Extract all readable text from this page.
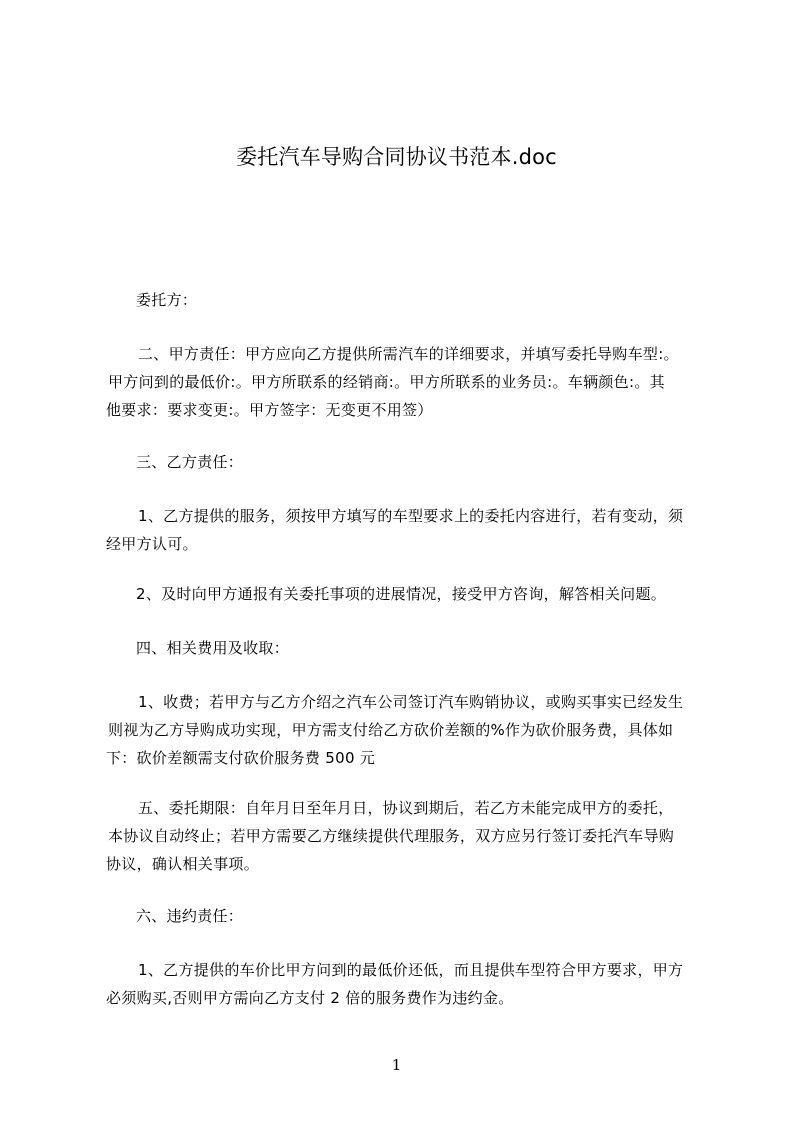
委托汽车导购合同协议书范本.doc
委托方：
二、甲方责任：甲方应向乙方提供所需汽车的详细要求，并填写委托导购车型:。
甲方问到的最低价:。甲方所联系的经销商:。甲方所联系的业务员:。车辆颜色:。其
他要求：要求变更:。甲方签字：无变更不用签）
三、乙方责任：
1、乙方提供的服务，须按甲方填写的车型要求上的委托内容进行，若有变动，须
经甲方认可。
2、及时向甲方通报有关委托事项的进展情况，接受甲方咨询，解答相关问题。
四、相关费用及收取：
1、收费；若甲方与乙方介绍之汽车公司签订汽车购销协议，或购买事实已经发生
则视为乙方导购成功实现，甲方需支付给乙方砍价差额的%作为砍价服务费，具体如
下：砍价差额需支付砍价服务费 500 元
五、委托期限：自年月日至年月日，协议到期后，若乙方未能完成甲方的委托，
本协议自动终止；若甲方需要乙方继续提供代理服务，双方应另行签订委托汽车导购
协议，确认相关事项。
六、违约责任：
1、乙方提供的车价比甲方问到的最低价还低，而且提供车型符合甲方要求，甲方
必须购买,否则甲方需向乙方支付 2 倍的服务费作为违约金。
1
